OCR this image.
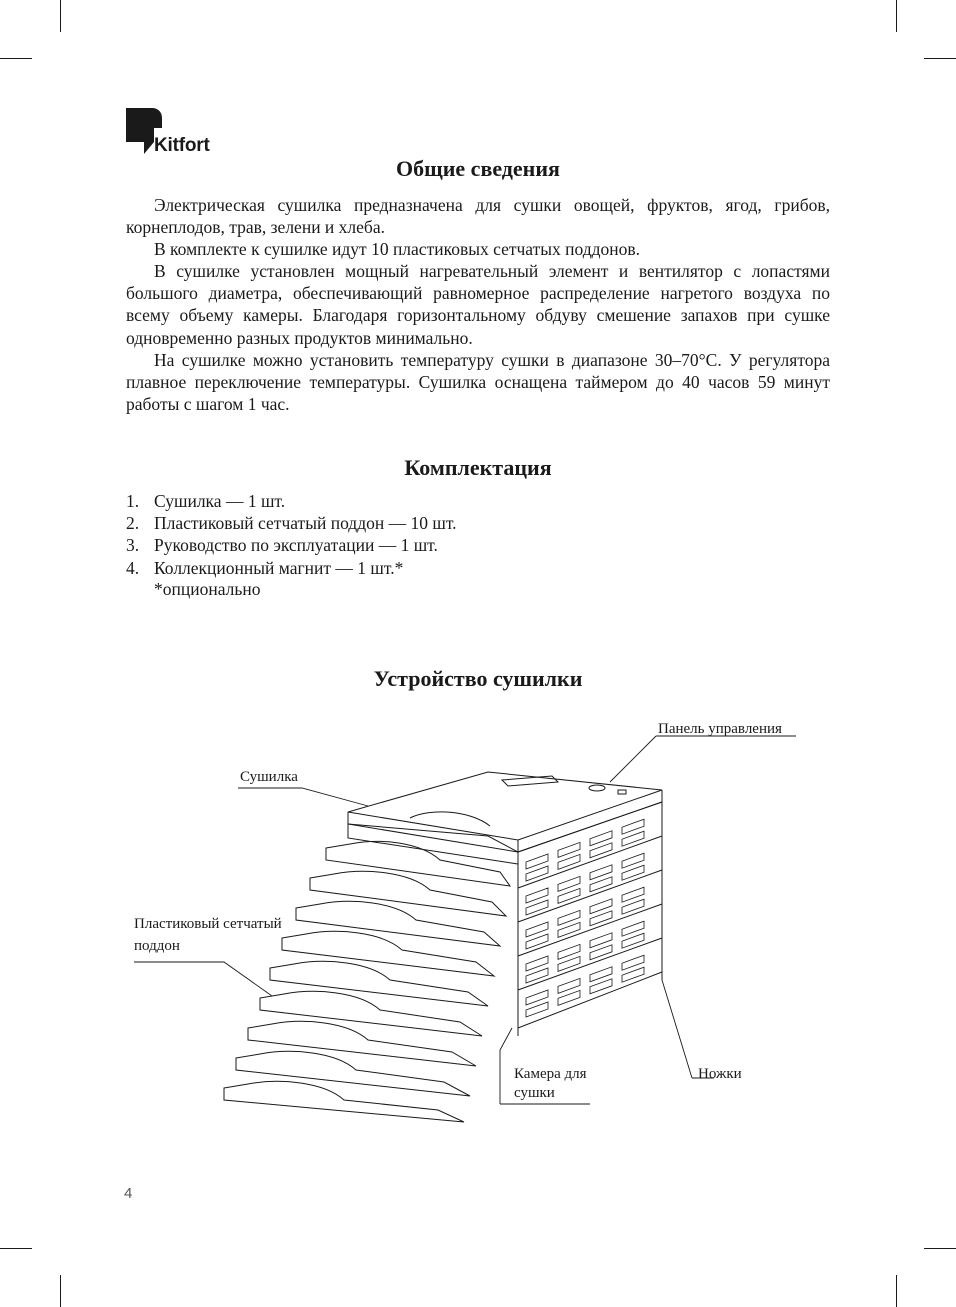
Kitfort
Общие сведения

Электрическая сушилка предназначена для сушки овощей, фруктов, ягод, грибов, корнеплодов, трав, зелени и хлеба.

В комплекте к сушилке идут 10 пластиковых сетчатых поддонов.

В сушилке установлен мощный нагревательный элемент и вентилятор с лопастями большого диаметра, обеспечивающий равномерное распределение нагретого воздуха по всему объему камеры. Благодаря горизонтальному обдуву смешение запахов при сушке одновременно разных продуктов минимально.

На сушилке можно установить температуру сушки в диапазоне 30–70°С. У регулятора плавное переключение температуры. Сушилка оснащена таймером до 40 часов 59 минут работы с шагом 1 час.

Комплектация
1. Сушилка — 1 шт.
2. Пластиковый сетчатый поддон — 10 шт.
3. Руководство по эксплуатации — 1 шт.
4. Коллекционный магнит — 1 шт.*
*опционально
Устройство сушилки
Панель управления
Сушилка
Пластиковый сетчатый поддон
Камера для сушки
Ножки
4
